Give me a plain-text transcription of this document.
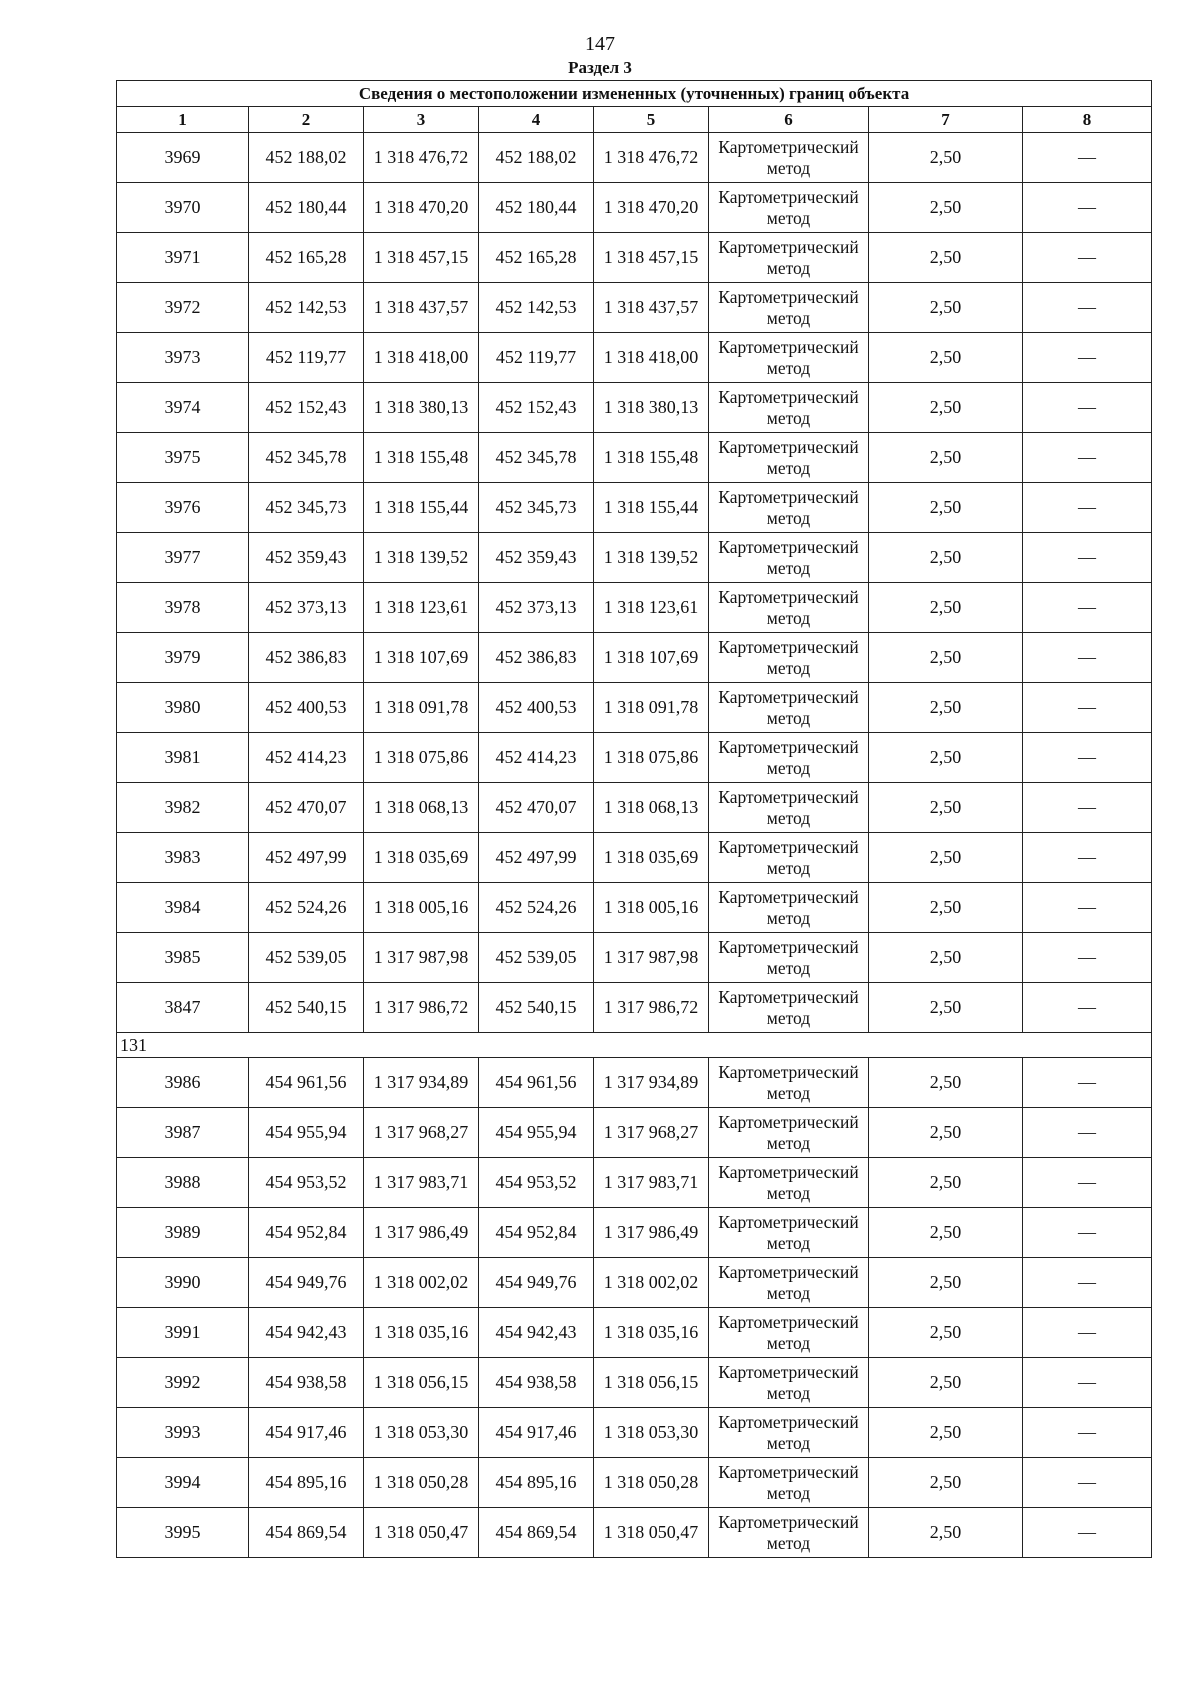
147
Раздел 3
Сведения о местоположении измененных (уточненных) границ объекта							
1	2	3	4	5	6	7	8
3969	452 188,02	1 318 476,72	452 188,02	1 318 476,72	Картометрический метод	2,50	—
3970	452 180,44	1 318 470,20	452 180,44	1 318 470,20	Картометрический метод	2,50	—
3971	452 165,28	1 318 457,15	452 165,28	1 318 457,15	Картометрический метод	2,50	—
3972	452 142,53	1 318 437,57	452 142,53	1 318 437,57	Картометрический метод	2,50	—
3973	452 119,77	1 318 418,00	452 119,77	1 318 418,00	Картометрический метод	2,50	—
3974	452 152,43	1 318 380,13	452 152,43	1 318 380,13	Картометрический метод	2,50	—
3975	452 345,78	1 318 155,48	452 345,78	1 318 155,48	Картометрический метод	2,50	—
3976	452 345,73	1 318 155,44	452 345,73	1 318 155,44	Картометрический метод	2,50	—
3977	452 359,43	1 318 139,52	452 359,43	1 318 139,52	Картометрический метод	2,50	—
3978	452 373,13	1 318 123,61	452 373,13	1 318 123,61	Картометрический метод	2,50	—
3979	452 386,83	1 318 107,69	452 386,83	1 318 107,69	Картометрический метод	2,50	—
3980	452 400,53	1 318 091,78	452 400,53	1 318 091,78	Картометрический метод	2,50	—
3981	452 414,23	1 318 075,86	452 414,23	1 318 075,86	Картометрический метод	2,50	—
3982	452 470,07	1 318 068,13	452 470,07	1 318 068,13	Картометрический метод	2,50	—
3983	452 497,99	1 318 035,69	452 497,99	1 318 035,69	Картометрический метод	2,50	—
3984	452 524,26	1 318 005,16	452 524,26	1 318 005,16	Картометрический метод	2,50	—
3985	452 539,05	1 317 987,98	452 539,05	1 317 987,98	Картометрический метод	2,50	—
3847	452 540,15	1 317 986,72	452 540,15	1 317 986,72	Картометрический метод	2,50	—
131							
3986	454 961,56	1 317 934,89	454 961,56	1 317 934,89	Картометрический метод	2,50	—
3987	454 955,94	1 317 968,27	454 955,94	1 317 968,27	Картометрический метод	2,50	—
3988	454 953,52	1 317 983,71	454 953,52	1 317 983,71	Картометрический метод	2,50	—
3989	454 952,84	1 317 986,49	454 952,84	1 317 986,49	Картометрический метод	2,50	—
3990	454 949,76	1 318 002,02	454 949,76	1 318 002,02	Картометрический метод	2,50	—
3991	454 942,43	1 318 035,16	454 942,43	1 318 035,16	Картометрический метод	2,50	—
3992	454 938,58	1 318 056,15	454 938,58	1 318 056,15	Картометрический метод	2,50	—
3993	454 917,46	1 318 053,30	454 917,46	1 318 053,30	Картометрический метод	2,50	—
3994	454 895,16	1 318 050,28	454 895,16	1 318 050,28	Картометрический метод	2,50	—
3995	454 869,54	1 318 050,47	454 869,54	1 318 050,47	Картометрический метод	2,50	—
